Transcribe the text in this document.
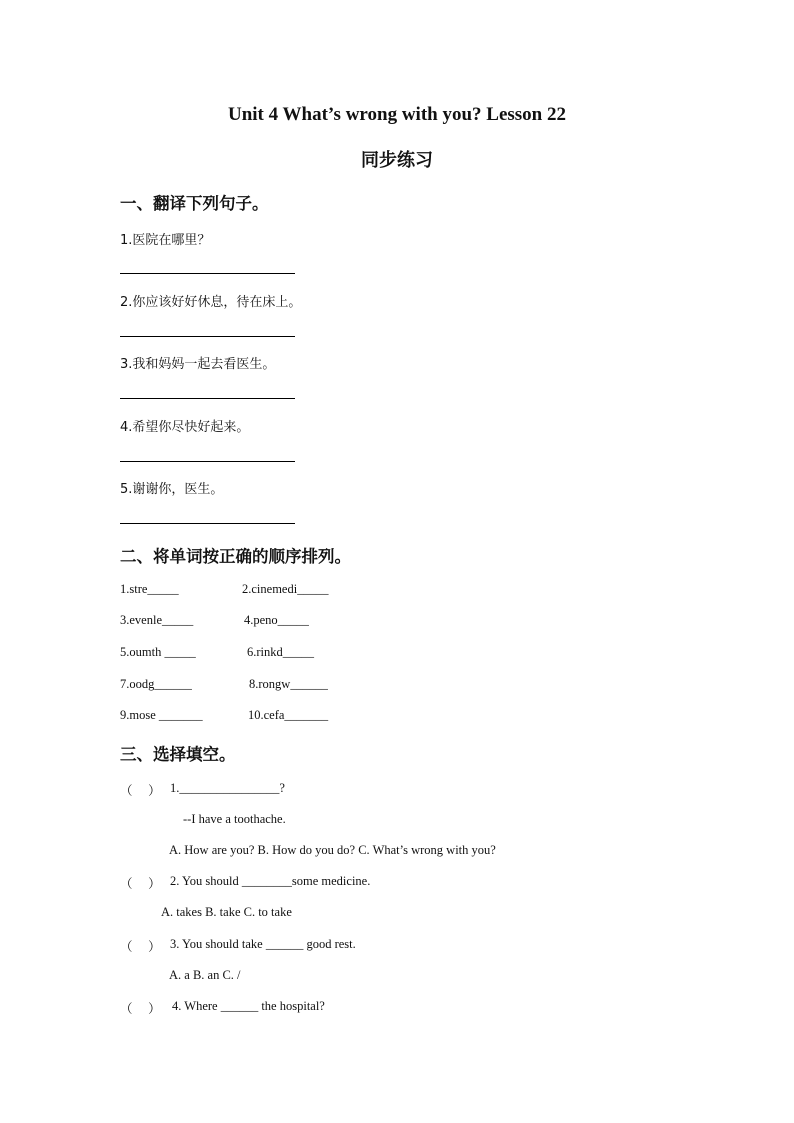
Unit 4 What’s wrong with you? Lesson 22
同步练习
一、翻译下列句子。
1.医院在哪里？
2.你应该好好休息，待在床上。
3.我和妈妈一起去看医生。
4.希望你尽快好起来。
5.谢谢你，医生。
二、将单词按正确的顺序排列。
1.stre_____	2.cinemedi_____
3.evenle_____	4.peno_____
5.oumth _____	6.rinkd_____
7.oodg______	8.rongw______
9.mose _______	10.cefa_______
三、选择填空。
（　 ） 1.________________?
--I have a toothache.
A. How are you? B. How do you do? C. What’s wrong with you?
（　 ） 2. You should ________some medicine.
A. takes B. take C. to take
（　 ） 3. You should take ______ good rest.
A. a B. an C. /
（　 ） 4. Where ______ the hospital?
